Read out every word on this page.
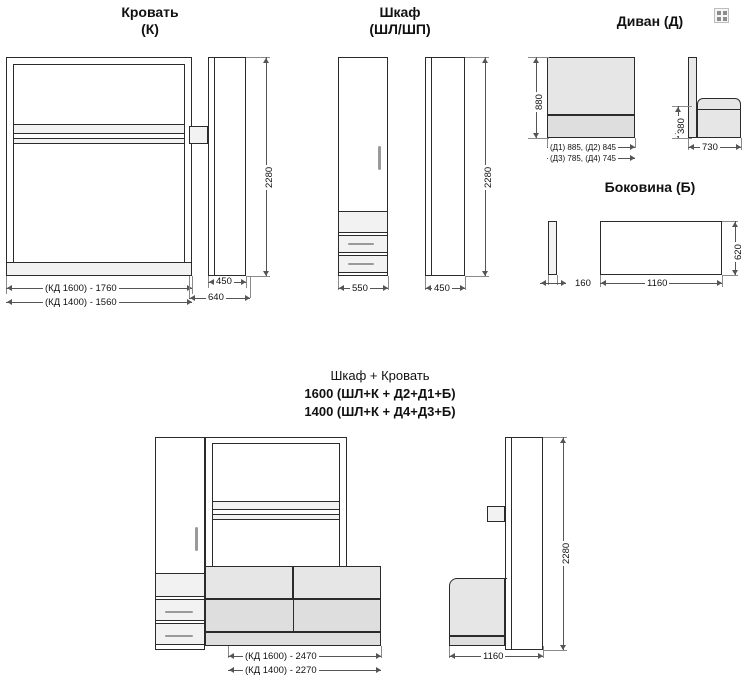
Кровать
(К)
Шкаф
(ШЛ/ШП)	Диван (Д)
Боковина (Б)
(КД 1600) - 1760
(КД 1400) - 1560
450
640
2280
550	450
2280
880
(Д1) 885, (Д2) 845
(Д3) 785, (Д4) 745
380
730
160	1160
620
Шкаф + Кровать
1600 (ШЛ+К + Д2+Д1+Б)
1400 (ШЛ+К + Д4+Д3+Б)
(КД 1600) - 2470
(КД 1400) - 2270
1160
2280
